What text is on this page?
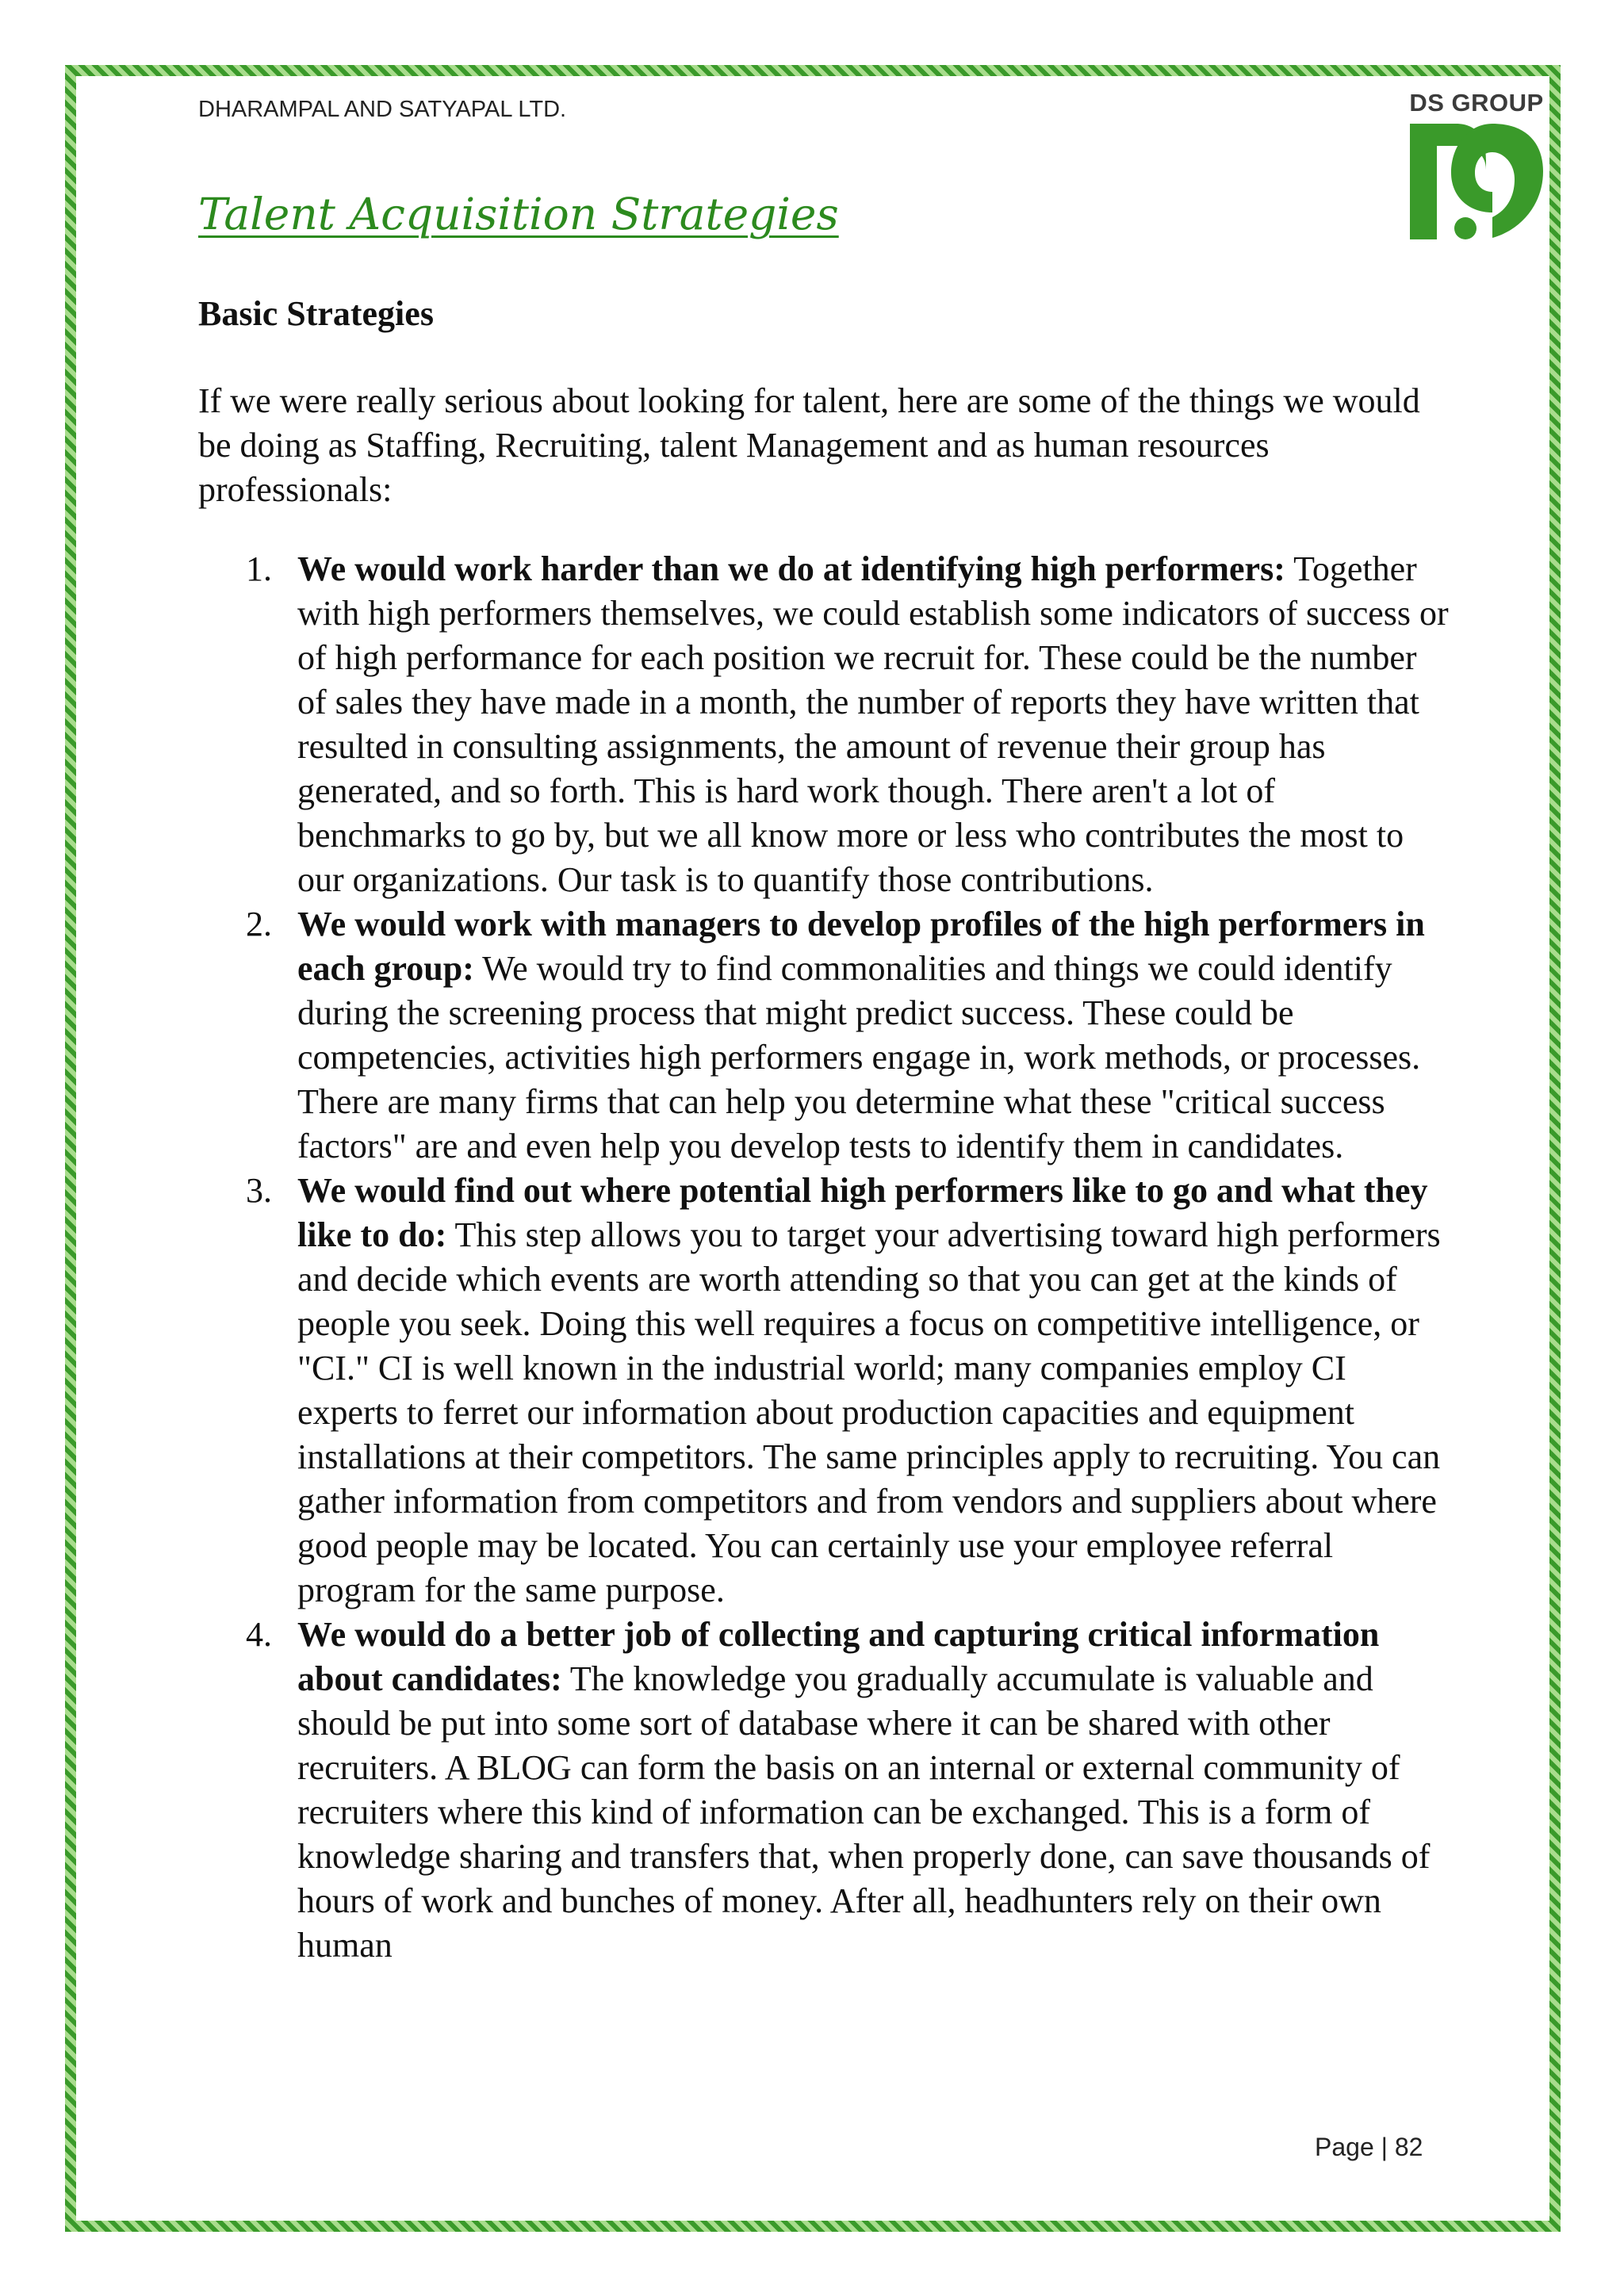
DHARAMPAL AND SATYAPAL LTD.	DS GROUP
Talent Acquisition Strategies
Basic Strategies

If we were really serious about looking for talent, here are some of the things we would be doing as Staffing, Recruiting, talent Management and as human resources professionals:

1. We would work harder than we do at identifying high performers: Together with high performers themselves, we could establish some indicators of success or of high performance for each position we recruit for. These could be the number of sales they have made in a month, the number of reports they have written that resulted in consulting assignments, the amount of revenue their group has generated, and so forth. This is hard work though. There aren't a lot of benchmarks to go by, but we all know more or less who contributes the most to our organizations. Our task is to quantify those contributions.
2. We would work with managers to develop profiles of the high performers in each group: We would try to find commonalities and things we could identify during the screening process that might predict success. These could be competencies, activities high performers engage in, work methods, or processes. There are many firms that can help you determine what these "critical success factors" are and even help you develop tests to identify them in candidates.
3. We would find out where potential high performers like to go and what they like to do: This step allows you to target your advertising toward high performers and decide which events are worth attending so that you can get at the kinds of people you seek. Doing this well requires a focus on competitive intelligence, or "CI." CI is well known in the industrial world; many companies employ CI experts to ferret our information about production capacities and equipment installations at their competitors. The same principles apply to recruiting. You can gather information from competitors and from vendors and suppliers about where good people may be located. You can certainly use your employee referral program for the same purpose.
4. We would do a better job of collecting and capturing critical information about candidates: The knowledge you gradually accumulate is valuable and should be put into some sort of database where it can be shared with other recruiters. A BLOG can form the basis on an internal or external community of recruiters where this kind of information can be exchanged. This is a form of knowledge sharing and transfers that, when properly done, can save thousands of hours of work and bunches of money. After all, headhunters rely on their own human
Page | 82
